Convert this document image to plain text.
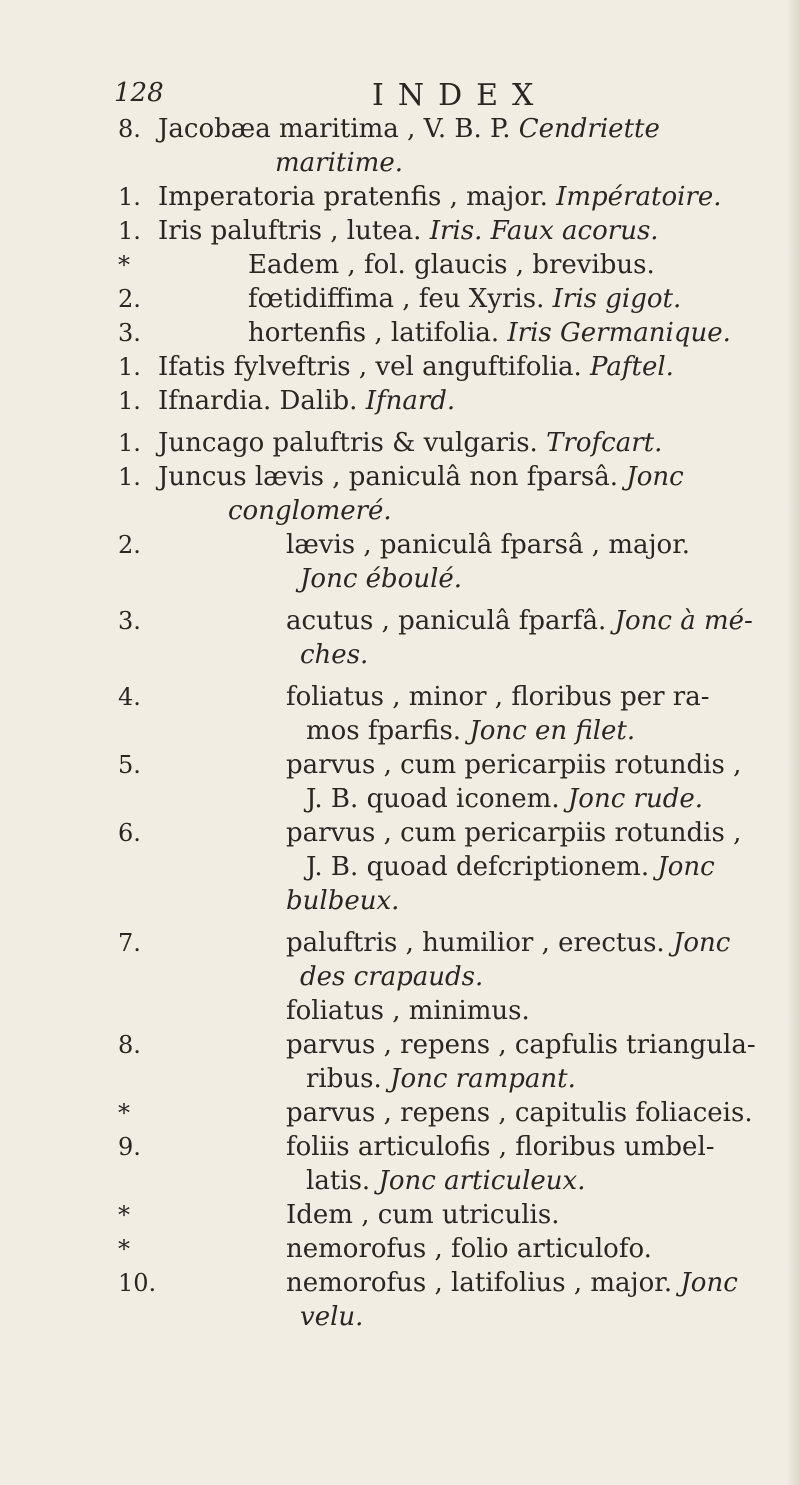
128	INDEX
8. Jacobæa maritima , V. B. P. Cendriette
maritime.
1. Imperatoria pratenfis , major. Impératoire.
1. Iris paluftris , lutea. Iris. Faux acorus.
*	Eadem , fol. glaucis , brevibus.
2.	fœtidiffima , feu Xyris. Iris gigot.
3.	hortenfis , latifolia. Iris Germanique.
1. Ifatis fylveftris , vel anguftifolia. Paftel.
1. Ifnardia. Dalib. Ifnard.
1. Juncago paluftris & vulgaris. Trofcart.
1. Juncus lævis , paniculâ non fparsâ. Jonc
conglomeré.
2.	lævis , paniculâ fparsâ , major.
Jonc éboulé.
3.	acutus , paniculâ fparfâ. Jonc à mé-
ches.
4.	foliatus , minor , floribus per ra-
mos fparfis. Jonc en filet.
5.	parvus , cum pericarpiis rotundis ,
J. B. quoad iconem. Jonc rude.
6.	parvus , cum pericarpiis rotundis ,
J. B. quoad defcriptionem. Jonc
bulbeux.
7.	paluftris , humilior , erectus. Jonc
des crapauds.
foliatus , minimus.
8.	parvus , repens , capfulis triangula-
ribus. Jonc rampant.
*	parvus , repens , capitulis foliaceis.
9.	foliis articulofis , floribus umbel-
latis. Jonc articuleux.
*	Idem , cum utriculis.
*	nemorofus , folio articulofo.
10.	nemorofus , latifolius , major. Jonc
velu.
